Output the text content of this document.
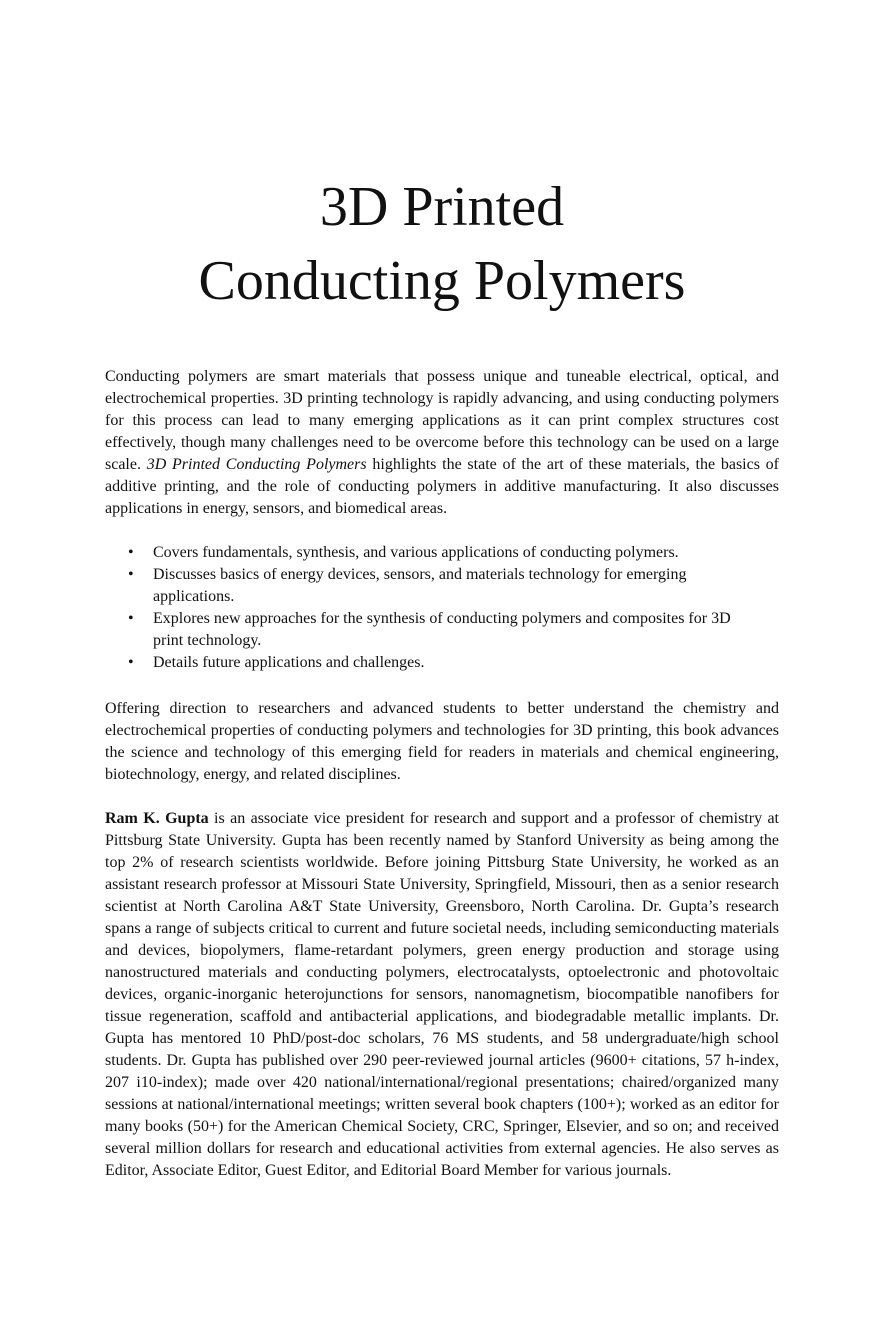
3D Printed
Conducting Polymers

Conducting polymers are smart materials that possess unique and tuneable electrical, optical, and electrochemical properties. 3D printing technology is rapidly advancing, and using conducting polymers for this process can lead to many emerging applications as it can print complex structures cost effectively, though many challenges need to be overcome before this technology can be used on a large scale. 3D Printed Conducting Polymers highlights the state of the art of these materials, the basics of additive printing, and the role of conducting polymers in additive manufacturing. It also discusses applications in energy, sensors, and biomedical areas.

• Covers fundamentals, synthesis, and various applications of conducting polymers.
• Discusses basics of energy devices, sensors, and materials technology for emerging applications.
• Explores new approaches for the synthesis of conducting polymers and composites for 3D print technology.
• Details future applications and challenges.

Offering direction to researchers and advanced students to better understand the chemistry and electrochemical properties of conducting polymers and technologies for 3D printing, this book advances the science and technology of this emerging field for readers in materials and chemical engineering, biotechnology, energy, and related disciplines.

Ram K. Gupta is an associate vice president for research and support and a professor of chemistry at Pittsburg State University. Gupta has been recently named by Stanford University as being among the top 2% of research scientists worldwide. Before joining Pittsburg State University, he worked as an assistant research professor at Missouri State University, Springfield, Missouri, then as a senior research scientist at North Carolina A&T State University, Greensboro, North Carolina. Dr. Gupta’s research spans a range of subjects critical to current and future societal needs, including semiconducting materials and devices, biopolymers, flame-retardant polymers, green energy production and storage using nanostructured materials and conducting polymers, electrocatalysts, optoelectronic and photovoltaic devices, organic-inorganic heterojunctions for sensors, nanomagnetism, biocompatible nanofibers for tissue regeneration, scaffold and antibacterial applications, and biodegradable metallic implants. Dr. Gupta has mentored 10 PhD/post-doc scholars, 76 MS students, and 58 undergraduate/high school students. Dr. Gupta has published over 290 peer-reviewed journal articles (9600+ citations, 57 h-index, 207 i10-index); made over 420 national/international/regional presentations; chaired/organized many sessions at national/international meetings; written several book chapters (100+); worked as an editor for many books (50+) for the American Chemical Society, CRC, Springer, Elsevier, and so on; and received several million dollars for research and educational activities from external agencies. He also serves as Editor, Associate Editor, Guest Editor, and Editorial Board Member for various journals.
